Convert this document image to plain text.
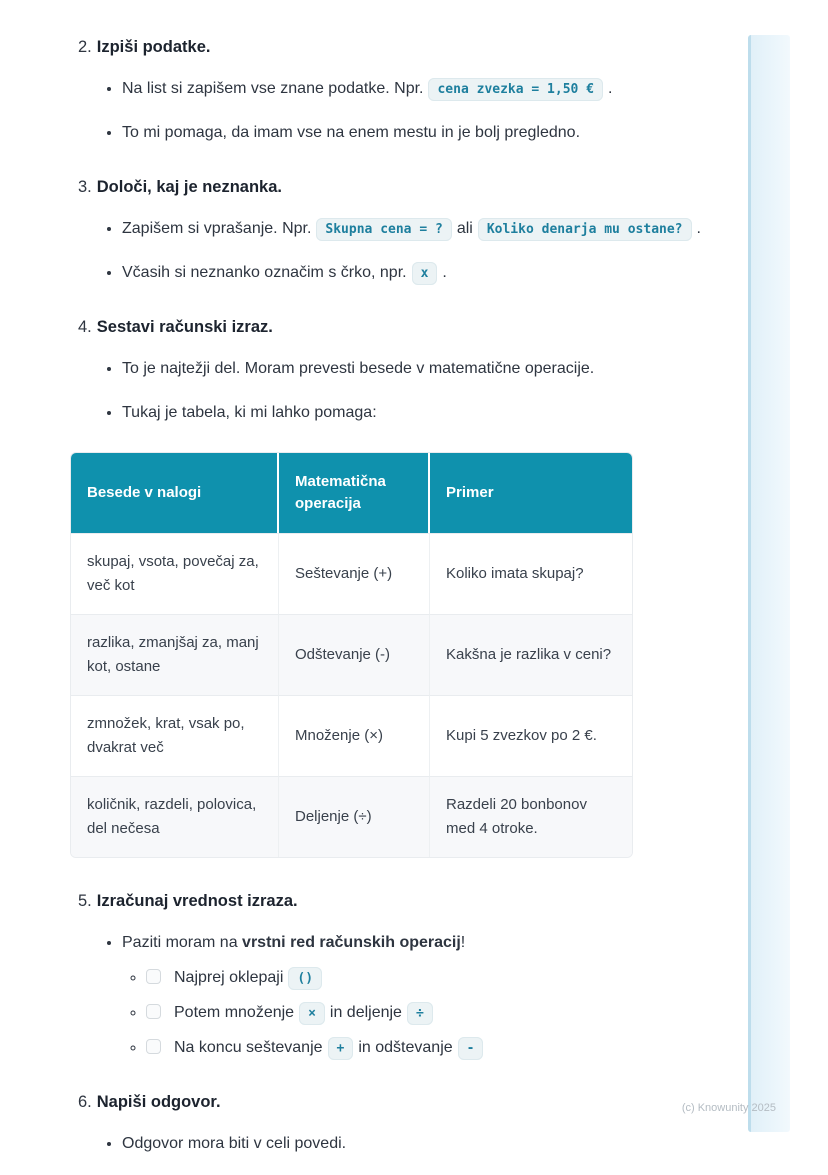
2. Izpiši podatke.
• Na list si zapišem vse znane podatke. Npr. cena zvezka = 1,50 € .
• To mi pomaga, da imam vse na enem mestu in je bolj pregledno.
3. Določi, kaj je neznanka.
• Zapišem si vprašanje. Npr. Skupna cena = ? ali Koliko denarja mu ostane? .
• Včasih si neznanko označim s črko, npr. x .
4. Sestavi računski izraz.
• To je najtežji del. Moram prevesti besede v matematične operacije.
• Tukaj je tabela, ki mi lahko pomaga:
Besede v nalogi	Matematična operacija	Primer
skupaj, vsota, povečaj za, več kot	Seštevanje (+)	Koliko imata skupaj?
razlika, zmanjšaj za, manj kot, ostane	Odštevanje (-)	Kakšna je razlika v ceni?
zmnožek, krat, vsak po, dvakrat več	Množenje (×)	Kupi 5 zvezkov po 2 €.
količnik, razdeli, polovica, del nečesa	Deljenje (÷)	Razdeli 20 bonbonov med 4 otroke.
5. Izračunaj vrednost izraza.
• Paziti moram na vrstni red računskih operacij!
◦ Najprej oklepaji ()
◦ Potem množenje × in deljenje ÷
◦ Na koncu seštevanje + in odštevanje -
6. Napiši odgovor.
• Odgovor mora biti v celi povedi.
(c) Knowunity 2025
